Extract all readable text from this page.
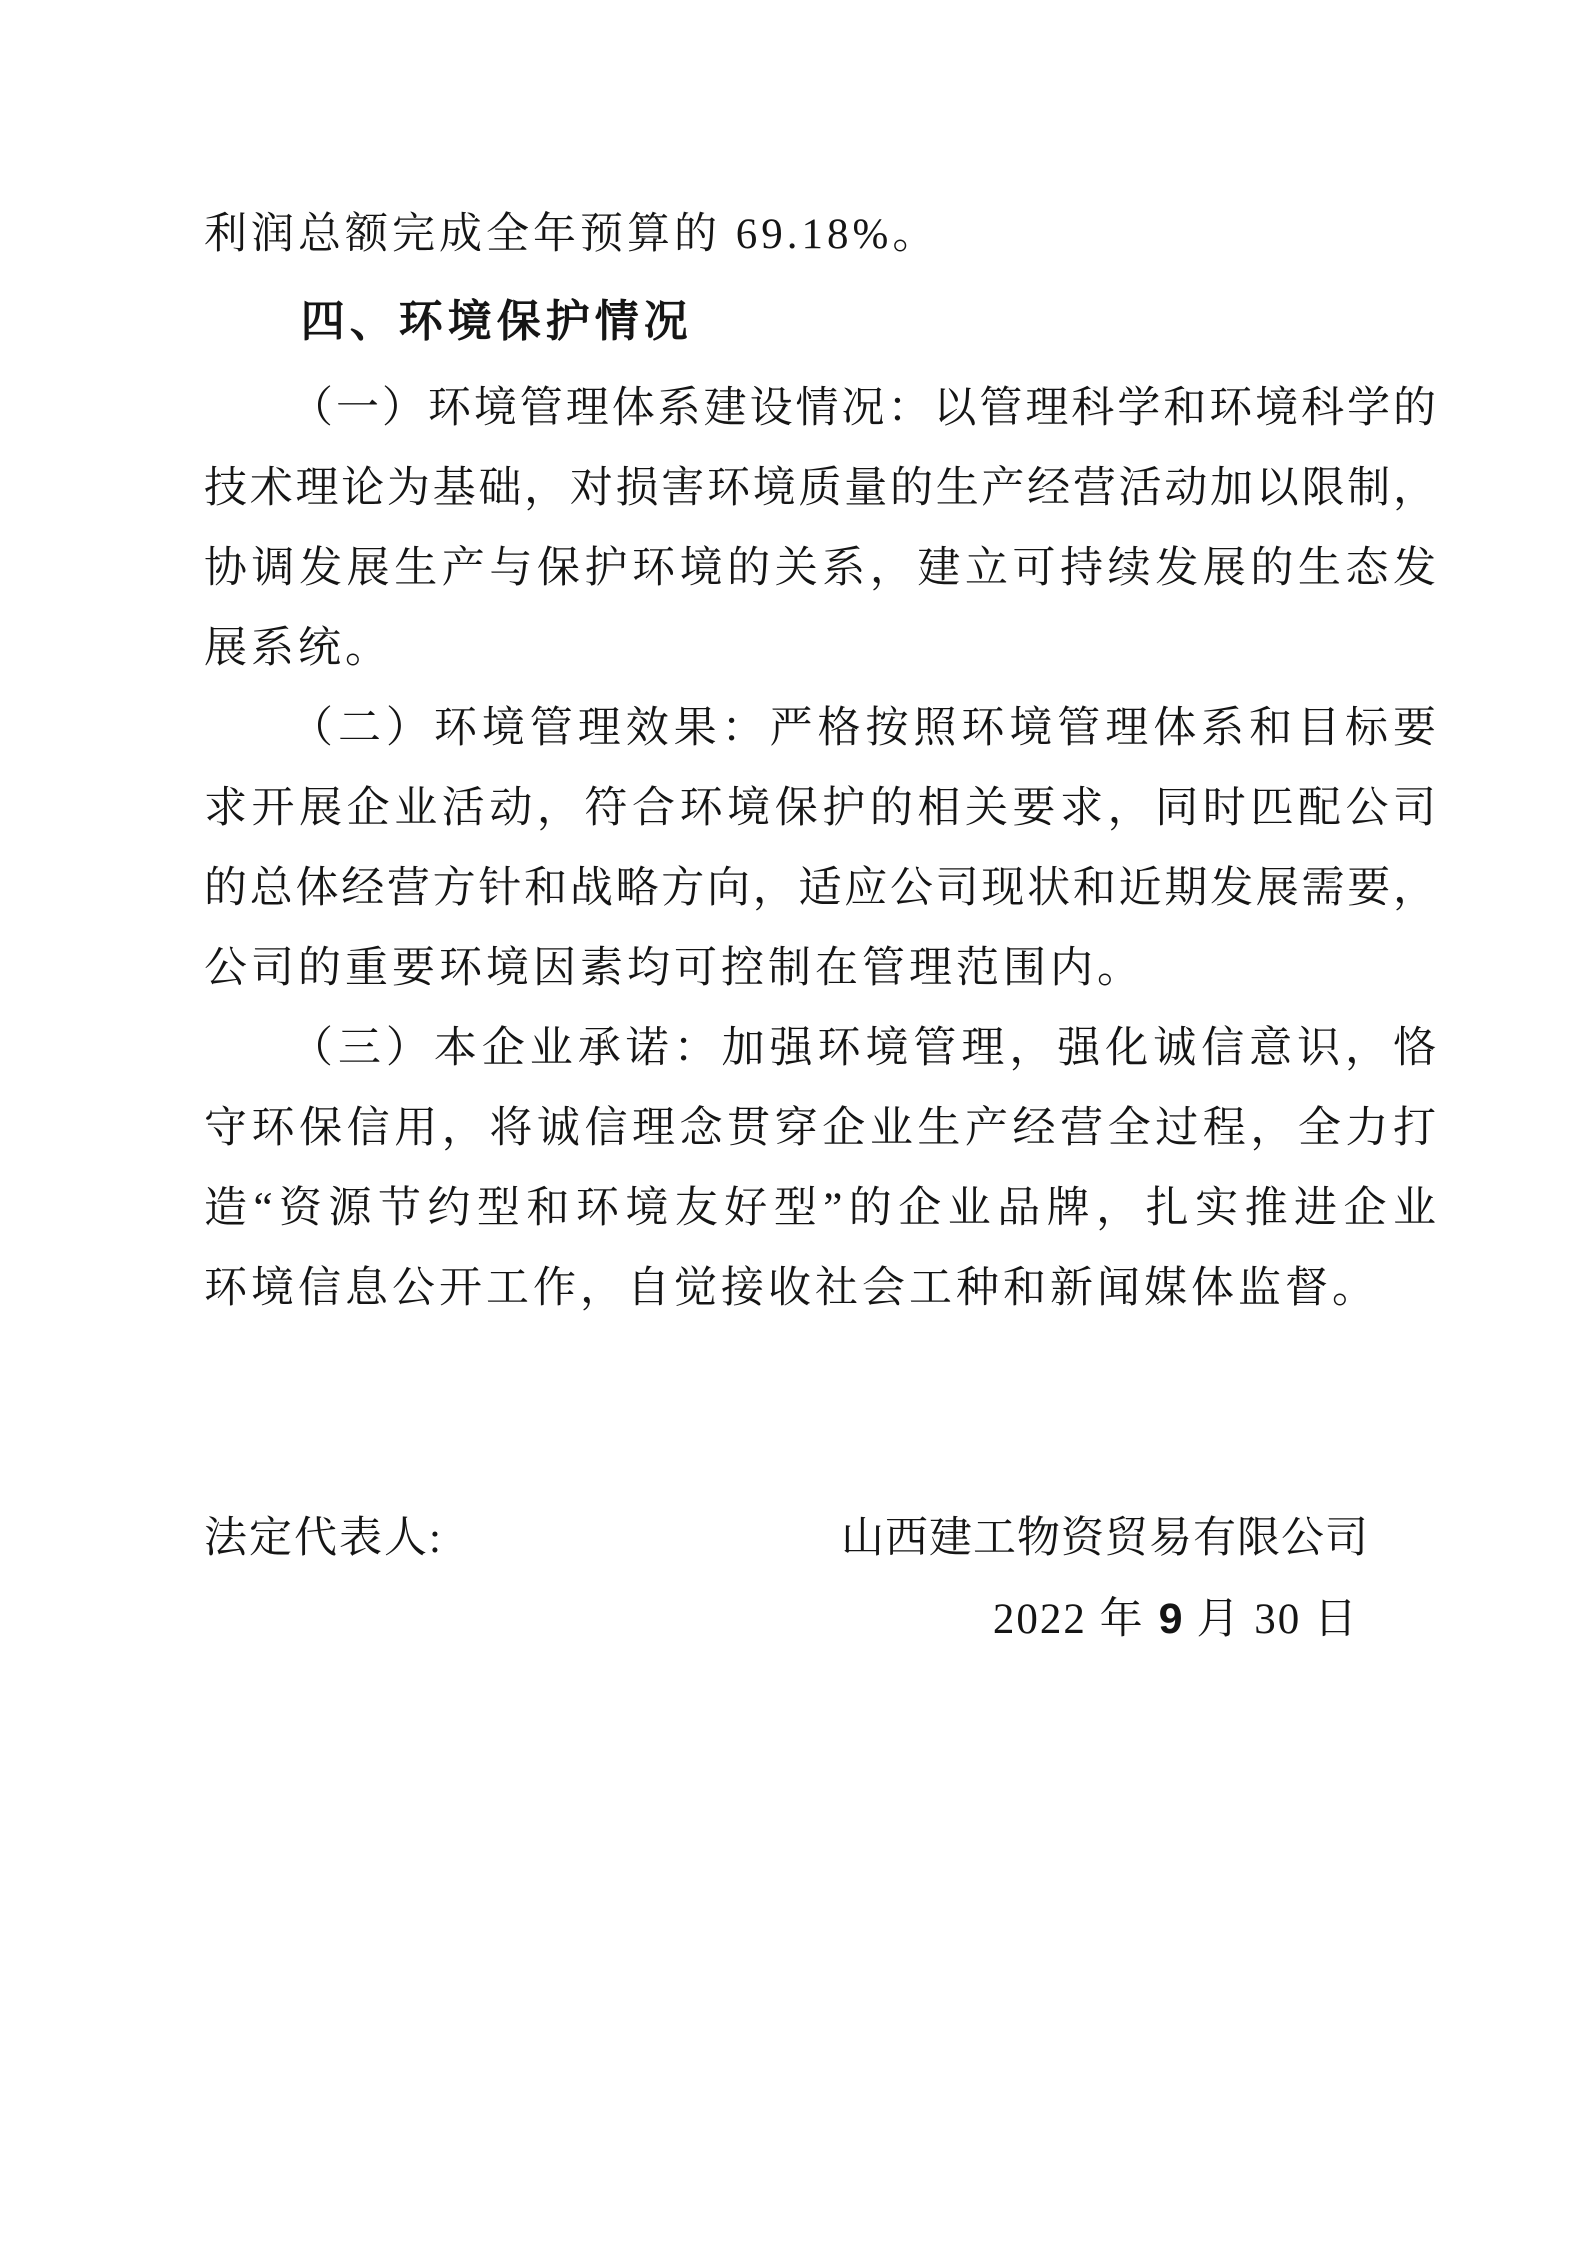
利润总额完成全年预算的 69.18%。
四、环境保护情况
（一）环境管理体系建设情况：以管理科学和环境科学的
技术理论为基础，对损害环境质量的生产经营活动加以限制，
协调发展生产与保护环境的关系，建立可持续发展的生态发
展系统。
（二）环境管理效果：严格按照环境管理体系和目标要
求开展企业活动，符合环境保护的相关要求，同时匹配公司
的总体经营方针和战略方向，适应公司现状和近期发展需要，
公司的重要环境因素均可控制在管理范围内。
（三）本企业承诺：加强环境管理，强化诚信意识，恪
守环保信用，将诚信理念贯穿企业生产经营全过程，全力打
造“资源节约型和环境友好型”的企业品牌，扎实推进企业
环境信息公开工作，自觉接收社会工种和新闻媒体监督。
法定代表人:	山西建工物资贸易有限公司
2022 年 9 月 30 日
